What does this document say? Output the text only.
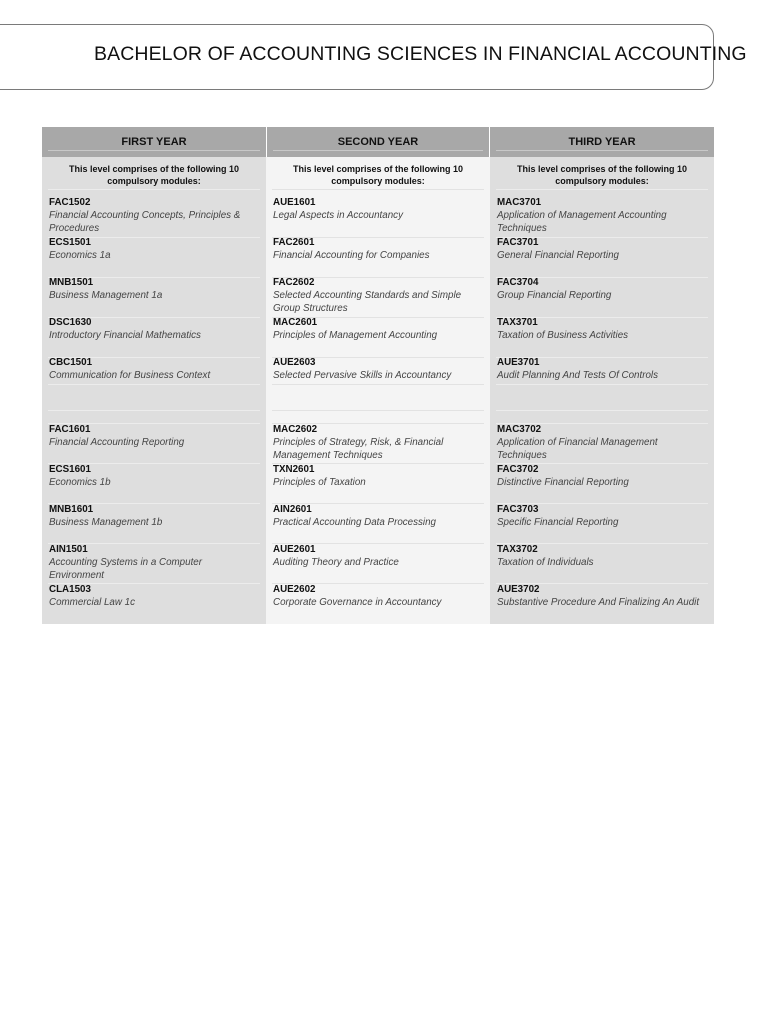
BACHELOR OF ACCOUNTING SCIENCES IN FINANCIAL ACCOUNTING
FIRST YEAR
This level comprises of the following 10 compulsory modules:
FAC1502
Financial Accounting Concepts, Principles & Procedures
ECS1501
Economics 1a
MNB1501
Business Management 1a
DSC1630
Introductory Financial Mathematics
CBC1501
Communication for Business Context
FAC1601
Financial Accounting Reporting
ECS1601
Economics 1b
MNB1601
Business Management 1b
AIN1501
Accounting Systems in a Computer Environment
CLA1503
Commercial Law 1c
SECOND YEAR
This level comprises of the following 10 compulsory modules:
AUE1601
Legal Aspects in Accountancy
FAC2601
Financial Accounting for Companies
FAC2602
Selected Accounting Standards and Simple Group Structures
MAC2601
Principles of Management Accounting
AUE2603
Selected Pervasive Skills in Accountancy
MAC2602
Principles of Strategy, Risk, & Financial Management Techniques
TXN2601
Principles of Taxation
AIN2601
Practical Accounting Data Processing
AUE2601
Auditing Theory and Practice
AUE2602
Corporate Governance in Accountancy
THIRD YEAR
This level comprises of the following 10 compulsory modules:
MAC3701
Application of Management Accounting Techniques
FAC3701
General Financial Reporting
FAC3704
Group Financial Reporting
TAX3701
Taxation of Business Activities
AUE3701
Audit Planning And Tests Of Controls
MAC3702
Application of Financial Management Techniques
FAC3702
Distinctive Financial Reporting
FAC3703
Specific Financial Reporting
TAX3702
Taxation of Individuals
AUE3702
Substantive Procedure And Finalizing An Audit
